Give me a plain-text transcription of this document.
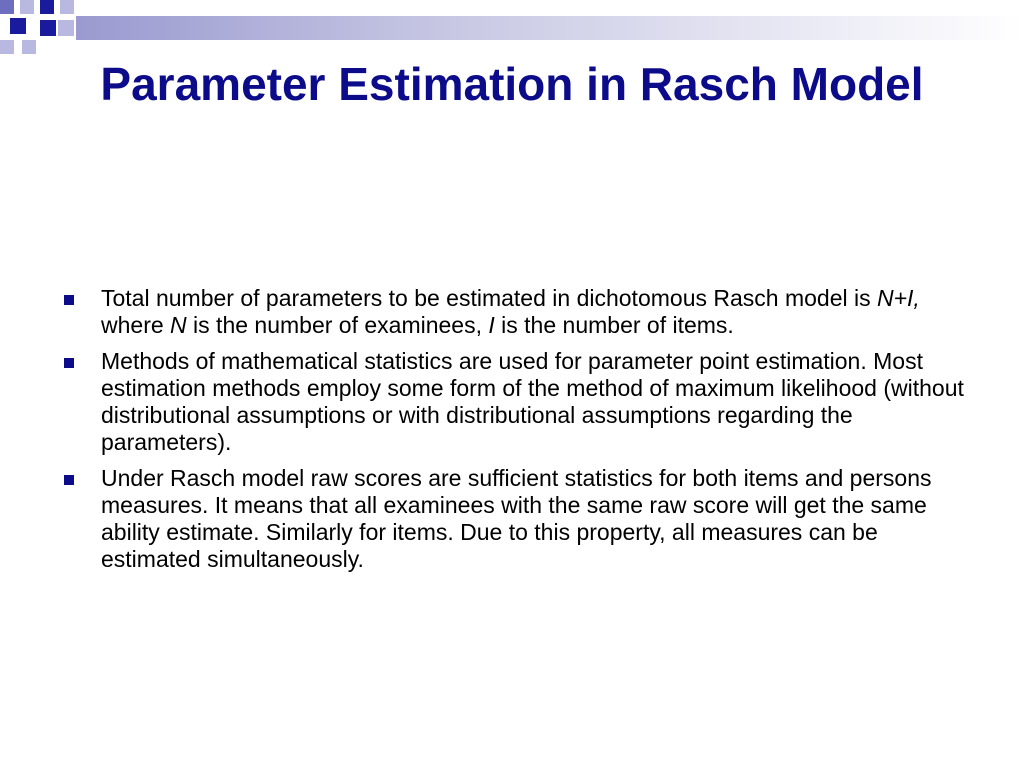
Parameter Estimation in Rasch Model
Total number of parameters to be estimated in dichotomous Rasch model is N+I, where N is the number of examinees, I is the number of items.
Methods of mathematical statistics are used for parameter point estimation. Most estimation methods employ some form of the method of maximum likelihood (without distributional assumptions or with distributional assumptions regarding the parameters).
Under Rasch model raw scores are sufficient statistics for both items and persons measures. It means that all examinees with the same raw score will get the same ability estimate. Similarly for items. Due to this property, all measures can be estimated simultaneously.
